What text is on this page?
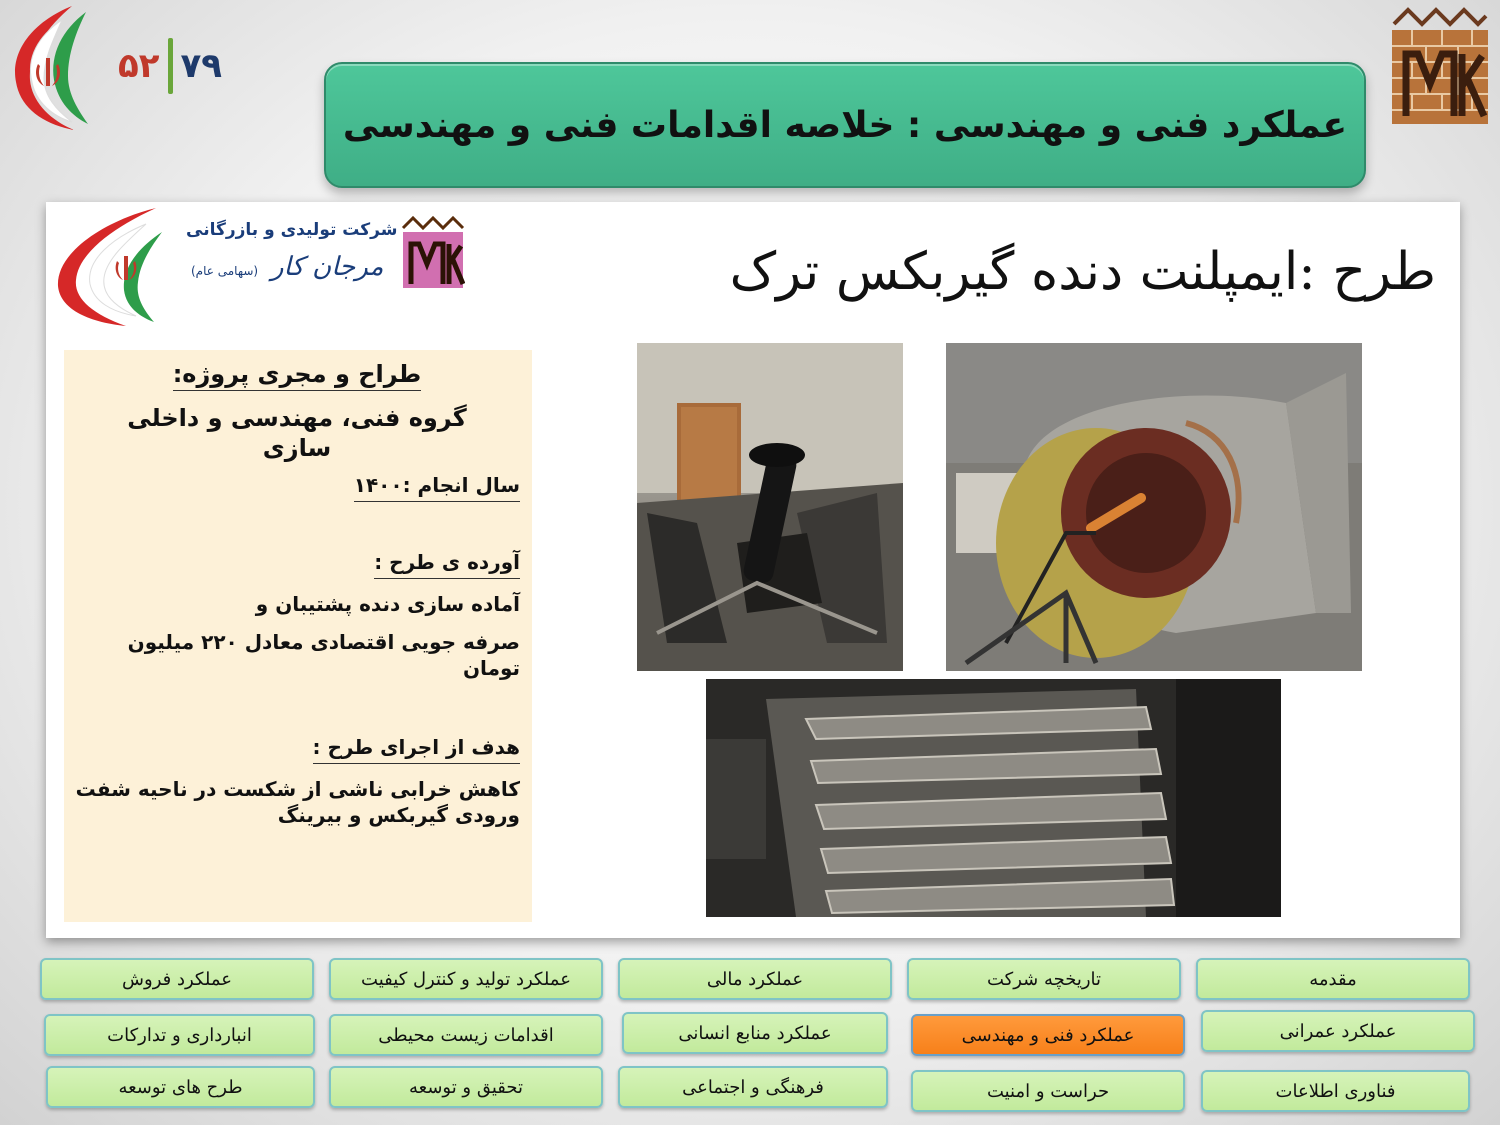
۵۲ ۷۹
عملکرد فنی و مهندسی : خلاصه اقدامات فنی و مهندسی
شرکت تولیدی و بازرگانی
مرجان کار
(سهامی عام)	طرح :ایمپلنت دنده گیربکس ترک
طراح و مجری پروژه:
گروه فنی، مهندسی و داخلی سازی
سال انجام :۱۴۰۰
آورده ی طرح :
آماده سازی دنده پشتیبان و
صرفه جویی اقتصادی معادل ۲۲۰ میلیون تومان
هدف از اجرای طرح :
کاهش خرابی ناشی از شکست در ناحیه شفت ورودی گیربکس و بیرینگ
مقدمه
تاریخچه شرکت
عملکرد مالی
عملکرد تولید و کنترل کیفیت
عملکرد فروش
عملکرد عمرانی
عملکرد فنی و مهندسی
عملکرد منابع انسانی
اقدامات زیست محیطی
انبارداری و تدارکات
فناوری اطلاعات
حراست و امنیت
فرهنگی و اجتماعی
تحقیق و توسعه
طرح های توسعه
